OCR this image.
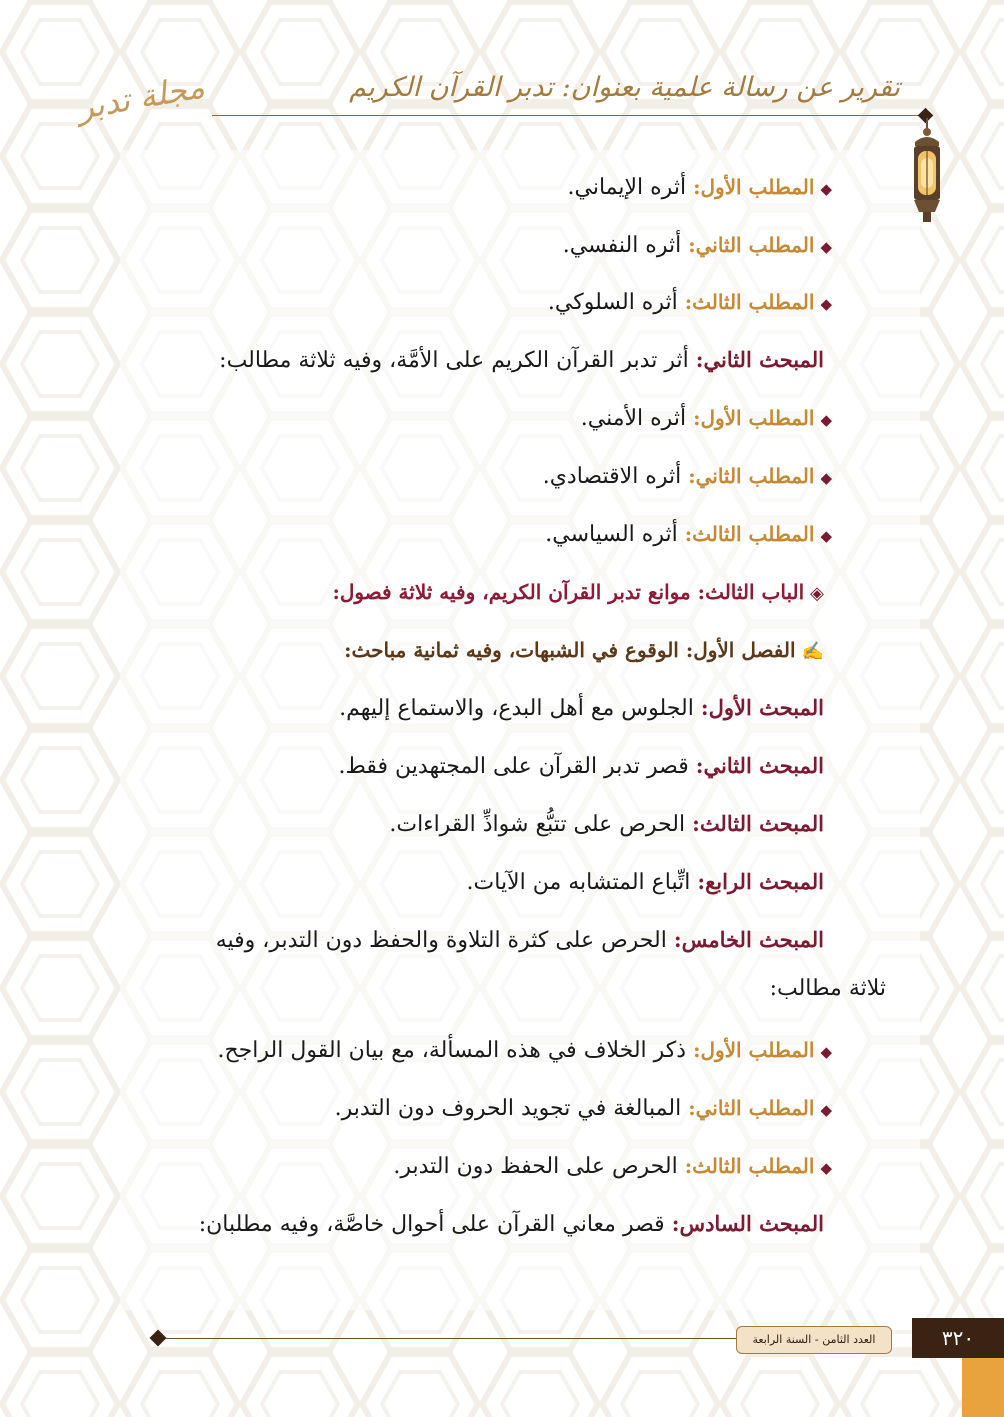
تقرير عن رسالة علمية بعنوان: تدبر القرآن الكريم
مجلة تدبر
◆المطلب الأول: أثره الإيماني.
◆المطلب الثاني: أثره النفسي.
◆المطلب الثالث: أثره السلوكي.
المبحث الثاني: أثر تدبر القرآن الكريم على الأمَّة، وفيه ثلاثة مطالب:
◆المطلب الأول: أثره الأمني.
◆المطلب الثاني: أثره الاقتصادي.
◆المطلب الثالث: أثره السياسي.
◈الباب الثالث: موانع تدبر القرآن الكريم، وفيه ثلاثة فصول:
✍الفصل الأول: الوقوع في الشبهات، وفيه ثمانية مباحث:
المبحث الأول: الجلوس مع أهل البدع، والاستماع إليهم.
المبحث الثاني: قصر تدبر القرآن على المجتهدين فقط.
المبحث الثالث: الحرص على تتبُّع شواذِّ القراءات.
المبحث الرابع: اتِّباع المتشابه من الآيات.
المبحث الخامس: الحرص على كثرة التلاوة والحفظ دون التدبر، وفيه
ثلاثة مطالب:
◆المطلب الأول: ذكر الخلاف في هذه المسألة، مع بيان القول الراجح.
◆المطلب الثاني: المبالغة في تجويد الحروف دون التدبر.
◆المطلب الثالث: الحرص على الحفظ دون التدبر.
المبحث السادس: قصر معاني القرآن على أحوال خاصَّة، وفيه مطلبان:
العدد الثامن - السنة الرابعة	٣٢٠
